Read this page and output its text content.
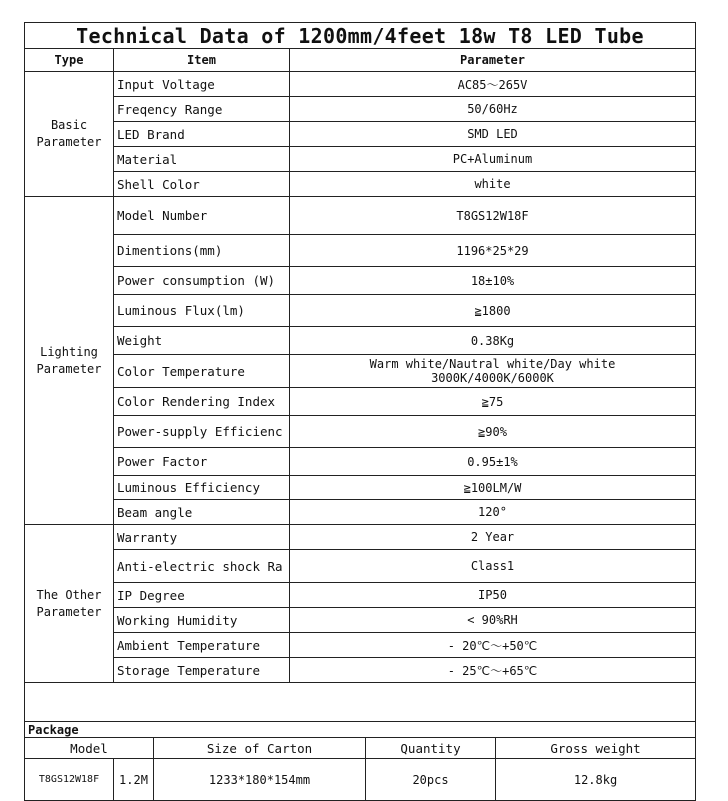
Technical Data of 1200mm/4feet 18w T8 LED Tube		
Type	Item	Parameter
Basic
Parameter	Input Voltage	AC85～265V
	Freqency Range	50/60Hz
	LED Brand	SMD LED
	Material	PC+Aluminum
	Shell Color	white
Lighting
Parameter	Model Number	T8GS12W18F
	Dimentions(mm)	1196*25*29
	Power consumption (W)	18±10%
	Luminous Flux(lm)	≧1800
	Weight	0.38Kg
	Color Temperature	Warm white/Nautral white/Day white
3000K/4000K/6000K
	Color Rendering Index	≧75
	Power-supply Efficienc	≧90%
	Power Factor	0.95±1%
	Luminous Efficiency	≧100LM/W
	Beam angle	120°
The Other
Parameter	Warranty	2 Year
	Anti-electric shock Ra	Class1
	IP Degree	IP50
	Working Humidity	< 90%RH
	Ambient Temperature	- 20℃～+50℃
	Storage Temperature	- 25℃～+65℃

Package				
Model		Size of Carton	Quantity	Gross weight
T8GS12W18F	1.2M	1233*180*154mm	20pcs	12.8kg
